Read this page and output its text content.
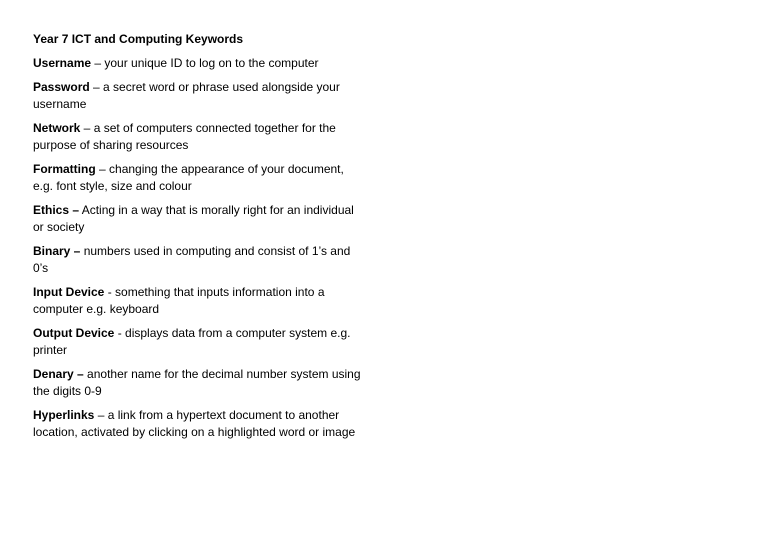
Year 7 ICT and Computing Keywords
Username – your unique ID to log on to the computer
Password – a secret word or phrase used alongside your username
Network – a set of computers connected together for the purpose of sharing resources
Formatting – changing the appearance of your document, e.g. font style, size and colour
Ethics – Acting in a way that is morally right for an individual or society
Binary – numbers used in computing and consist of 1’s and 0’s
Input Device - something that inputs information into a computer e.g. keyboard
Output Device - displays data from a computer system e.g. printer
Denary – another name for the decimal number system using the digits 0-9
Hyperlinks – a link from a hypertext document to another location, activated by clicking on a highlighted word or image
